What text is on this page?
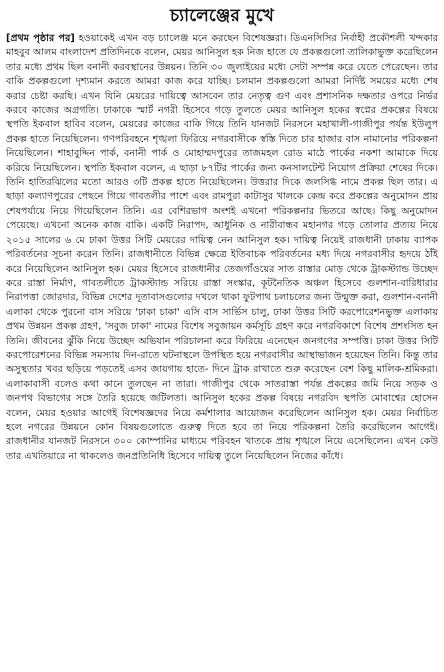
চ্যালেঞ্জের মুখে

[প্রথম পৃষ্ঠার পর] হওয়াকেই এখন বড় চ্যালেঞ্জ মনে করছেন বিশেষজ্ঞরা। ডিএনসিসির নির্বাহী প্রকৌশলী খন্দকার মাহবুব আলম বাংলাদেশ প্রতিদিনকে বলেন, মেয়র আনিসুল হক নিজ হাতে যে প্রকল্পগুলো তালিকাভুক্ত করেছিলেন তার মধ্যে প্রথম ছিল বনানী করবস্থানের উন্নয়ন। তিনি ৩০ জুলাইয়ের মধ্যে সেটা সম্পন্ন করে যেতে পেরেছেন। তার বাকি প্রকল্পগুলো দৃশ্যমান করতে আমরা কাজ করে যাচ্ছি। চলমান প্রকল্পগুলো আমরা নির্দিষ্ট সময়ের মধ্যে শেষ করার চেষ্টা করছি। এখন যিনি মেয়রের দায়িত্বে আসবেন তার নেতৃত্ব গুণ এবং প্রশাসনিক দক্ষতার ওপরে নির্ভর করবে কাজের অগ্রগতি। ঢাকাকে স্মার্ট নগরী হিসেবে গড়ে তুলতে মেয়র আনিসুল হকের স্বপ্নের প্রকল্পের বিষয়ে স্থপতি ইকবাল হাবিব বলেন, মেয়রের কাজের বাকি গিয়ে তিনি যানজট নিরসনে মহাখালী-গাজীপুর পর্যন্ত ইউলুপ প্রকল্প হাতে নিয়েছিলেন। গণপরিবহনে শৃঙ্খলা ফিরিয়ে নগরবাসীকে স্বস্তি দিতে চার হাজার বাস নামানোর পরিকল্পনা নিয়েছিলেন। শাহাবুদ্দিন পার্ক, বনানী পার্ক ও মোহাম্মদপুরের তাজমহল রোড মাঠে পার্কের নকশা আমাকে দিয়ে করিয়ে নিয়েছিলেন। স্থপতি ইকবাল বলেন, এ ছাড়া ৮৭টির পার্কের জন্য কনসালটেন্ট নিয়োগ প্রক্রিয়া শেষের দিকে। তিনি হাতিরঝিলের মতো আরও ৩টি প্রকল্প হাতে নিয়েছিলেন। উত্তরার দিকে জলসিগ্ধ নামে প্রকল্প ছিল তার। এ ছাড়া কল্যাণপুরের পেছনে গিয়ে গাবতলীর পাশে এবং রামপুরা কাটাসুর খালকে কেন্দ্র করে প্রকল্পের অনুমোদন প্রায় শেষপর্যায়ে নিয়ে গিয়েছিলেন তিনি। এর বেশিরভাগ অংশই এখনো পরিকল্পনার ভিতরে আছে। কিছু অনুমোদন পেয়েছে। এখনো অনেক কাজ বাকি। একটি নিরাপদ, আধুনিক ও নারীবান্ধব মহানগর গড়ে তোলার প্রত্যয় নিয়ে ২০১৫ সালের ৬ মে ঢাকা উত্তর সিটি মেয়রের দায়িত্ব নেন আনিসুল হক। দায়িত্ব নিয়েই রাজধানী ঢাকায় ব্যাপক পরিবর্তনের সূচনা করেন তিনি। রাজধানীতে বিভিন্ন ক্ষেত্রে ইতিবাচক পরিবর্তনের মধ্য দিয়ে নগরবাসীর হৃদয়ে ঠাঁই করে নিয়েছিলেন আনিসুল হক। মেয়র হিসেবে রাজধানীর তেজগাঁওয়ের সাত রাস্তার মোড় থেকে ট্রাকস্ট্যান্ড উচ্ছেদ করে রাস্তা নির্মাণ, গাবতলীতে ট্রাকস্ট্যান্ড সরিয়ে রাস্তা সংস্কার, কূটনৈতিক অঞ্চল হিসেবে গুলশান-বারিধারার নিরাপত্তা জোরদার, বিভিন্ন দেশের দূতাবাসগুলোর দখলে থাকা ফুটপাথ চলাচলের জন্য উন্মুক্ত করা, গুলশান-বনানী এলাকা থেকে পুরনো বাস সরিয়ে 'ঢাকা চাকা' এসি বাস সার্ভিস চালু, ঢাকা উত্তর সিটি করপোরেশনভুক্ত এলাকায় প্রথম উন্নয়ন প্রকল্প গ্রহণ, 'সবুজ ঢাকা' নামের বিশেষ সবুজায়ন কর্মসূচি গ্রহণ করে নগরবিকাশে বিশেষ প্রশংসিত হন তিনি। জীবনের ঝুঁকি নিয়ে উচ্ছেদ অভিযান পরিচালনা করে ফিরিয়ে এনেছেন জনগণের সম্পত্তি। ঢাকা উত্তর সিটি করপোরেশনের বিভিন্ন সমস্যায় দিন-রাতে ঘটনাস্থলে উপস্থিত হয়ে নগরবাসীর আস্থাভাজন হয়েছেন তিনি। কিন্তু তার অসুস্থতার খবর ছড়িয়ে পড়তেই এসব জায়গায় হাতে- দিনে ট্রাক রাখাতে শুরু করেছেন বেশ কিছু মালিক-শ্রমিকরা। এলাকাবাসী বলেও কথা কানে তুলছেন না তারা। গাজীপুর থেকে সাতরাস্তা পর্যন্ত প্রকল্পের জমি নিয়ে সড়ক ও জনপথ বিভাগের সঙ্গে তৈরি হয়েছে জটিলতা। আনিসুল হকের প্রকল্প বিষয়ে নগরবিদ স্থপতি মোবাশ্বের হোসেন বলেন, মেয়র হওয়ার আগেই বিশেষজ্ঞদের নিয়ে কর্মশালার আয়োজন করেছিলেন আনিসুল হক। মেয়র নির্বাচিত হলে নগরের উন্নয়নে কোন বিষয়গুলোতে গুরুত্ব দিতে হবে তা নিয়ে পরিকল্পনা তৈরি করেছিলেন আগেই। রাজধানীর যানজট নিরসনে ৩০০ কোম্পানির মাধ্যমে পরিবহন খাতকে প্রায় শৃঙ্খলে নিয়ে এসেছিলেন। এখন কেউ তার এখতিয়ারে না থাকলেও জনপ্রতিনিধি হিসেবে দায়িত্ব তুলে নিয়েছিলেন নিজের কাঁধে।
